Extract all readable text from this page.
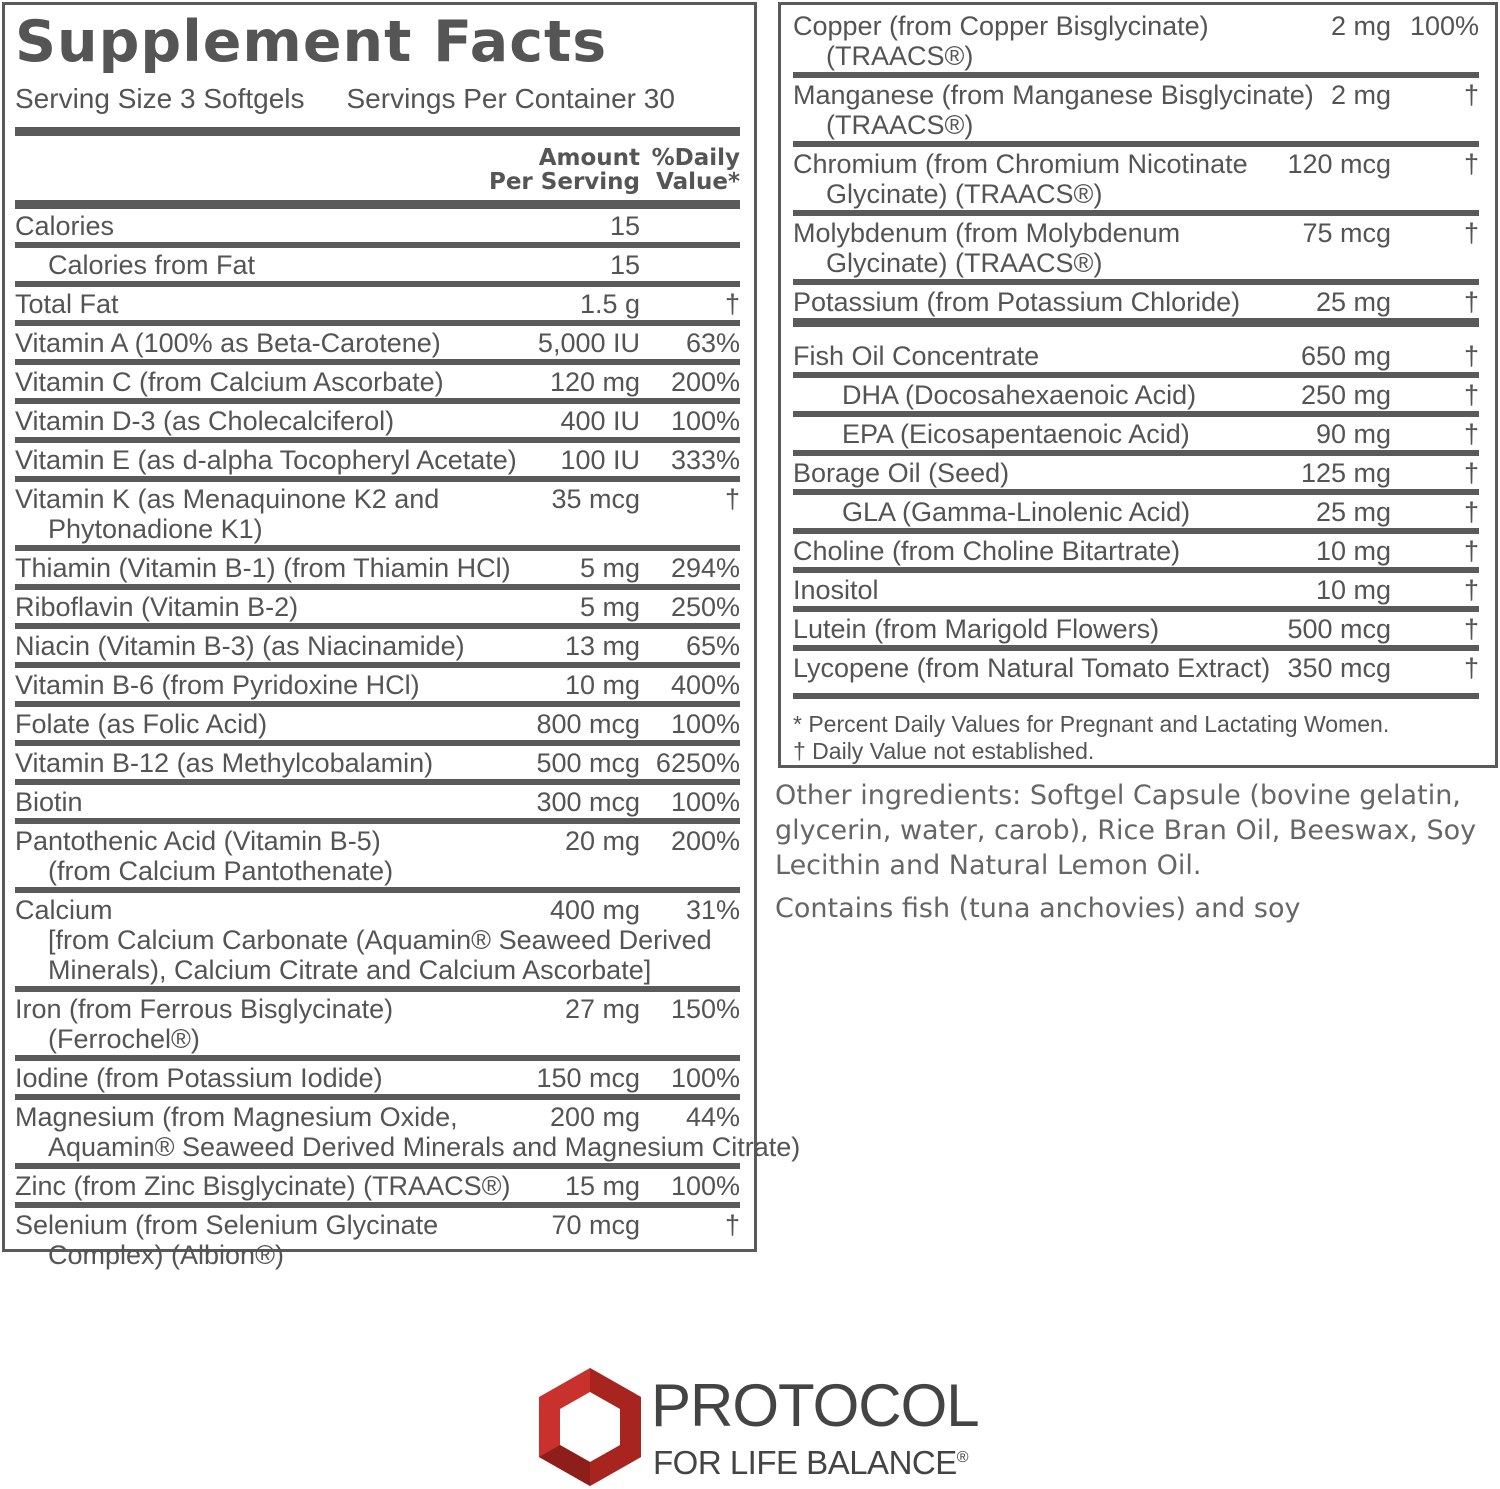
Supplement Facts
Serving Size 3 Softgels Servings Per Container 30
Amount
Per Serving
%Daily
Value*
Calories	15
Calories from Fat	15
Total Fat	1.5 g	†
Vitamin A (100% as Beta-Carotene)	5,000 IU	63%
Vitamin C (from Calcium Ascorbate)	120 mg	200%
Vitamin D-3 (as Cholecalciferol)	400 IU	100%
Vitamin E (as d-alpha Tocopheryl Acetate)	100 IU	333%
Vitamin K (as Menaquinone K2 and
Phytonadione K1)
35 mcg	†
Thiamin (Vitamin B-1) (from Thiamin HCl)	5 mg	294%
Riboflavin (Vitamin B-2)	5 mg	250%
Niacin (Vitamin B-3) (as Niacinamide)	13 mg	65%
Vitamin B-6 (from Pyridoxine HCl)	10 mg	400%
Folate (as Folic Acid)	800 mcg	100%
Vitamin B-12 (as Methylcobalamin)	500 mcg 6250%
Biotin	300 mcg	100%
Pantothenic Acid (Vitamin B-5)
(from Calcium Pantothenate)
20 mg	200%
Calcium
[from Calcium Carbonate (Aquamin® Seaweed Derived
Minerals), Calcium Citrate and Calcium Ascorbate]
400 mg	31%
Iron (from Ferrous Bisglycinate)
(Ferrochel®)
27 mg	150%
Iodine (from Potassium Iodide)	150 mcg	100%
Magnesium (from Magnesium Oxide,
Aquamin® Seaweed Derived Minerals and Magnesium Citrate)
200 mg	44%
Zinc (from Zinc Bisglycinate) (TRAACS®)	15 mg	100%
Selenium (from Selenium Glycinate
Complex) (Albion®)
70 mcg	†
Copper (from Copper Bisglycinate)
(TRAACS®)
2 mg 100%
Manganese (from Manganese Bisglycinate)
(TRAACS®)
2 mg	†
Chromium (from Chromium Nicotinate
Glycinate) (TRAACS®)
120 mcg	†
Molybdenum (from Molybdenum
Glycinate) (TRAACS®)
75 mcg	†
Potassium (from Potassium Chloride)	25 mg	†
Fish Oil Concentrate	650 mg	†
DHA (Docosahexaenoic Acid)	250 mg	†
EPA (Eicosapentaenoic Acid)	90 mg	†
Borage Oil (Seed)	125 mg	†
GLA (Gamma-Linolenic Acid)	25 mg	†
Choline (from Choline Bitartrate)	10 mg	†
Inositol	10 mg	†
Lutein (from Marigold Flowers)	500 mcg	†
Lycopene (from Natural Tomato Extract) 350 mcg	†
* Percent Daily Values for Pregnant and Lactating Women.
† Daily Value not established.

Other ingredients: Softgel Capsule (bovine gelatin, glycerin, water, carob), Rice Bran Oil, Beeswax, Soy Lecithin and Natural Lemon Oil.

Contains fish (tuna anchovies) and soy

PROTOCOL
FOR LIFE BALANCE®
